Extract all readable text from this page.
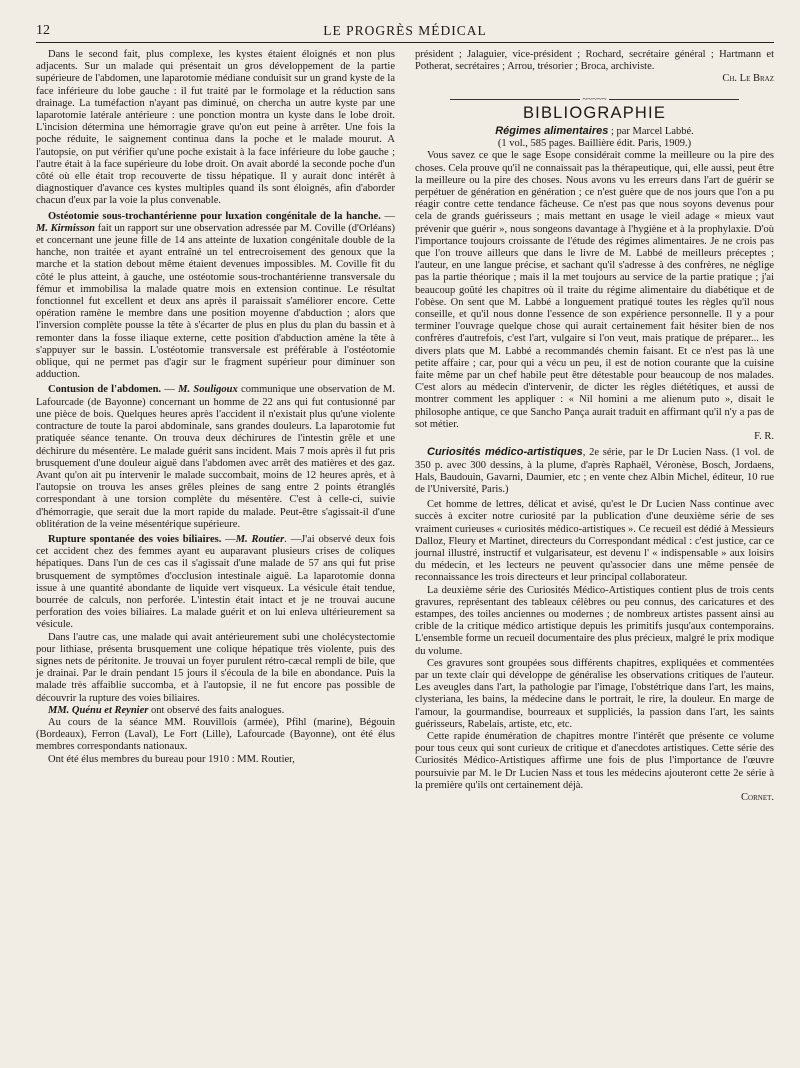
12	LE PROGRÈS MÉDICAL

Dans le second fait, plus complexe, les kystes étaient éloignés et non plus adjacents. Sur un malade qui présentait un gros développement de la partie supérieure de l'abdomen, une laparotomie médiane conduisit sur un grand kyste de la face inférieure du lobe gauche : il fut traité par le formolage et la réduction sans drainage. La tuméfaction n'ayant pas diminué, on chercha un autre kyste par une laparotomie latérale antérieure : une ponction montra un kyste dans le lobe droit. L'incision détermina une hémorragie grave qu'on eut peine à arrêter. Une fois la poche réduite, le saignement continua dans la poche et le malade mourut. A l'autopsie, on put vérifier qu'une poche existait à la face inférieure du lobe gauche ; l'autre était à la face supérieure du lobe droit. On avait abordé la seconde poche d'un côté où elle était trop recouverte de tissu hépatique. Il y aurait donc intérêt à diagnostiquer d'avance ces kystes multiples quand ils sont éloignés, afin d'aborder chacun d'eux par la voie la plus convenable.

Ostéotomie sous-trochantérienne pour luxation congénitale de la hanche. — M. Kirmisson fait un rapport sur une observation adressée par M. Coville (d'Orléans) et concernant une jeune fille de 14 ans atteinte de luxation congénitale double de la hanche, non traitée et ayant entraîné un tel entrecroisement des genoux que la marche et la station debout même étaient devenues impossibles. M. Coville fit du côté le plus atteint, à gauche, une ostéotomie sous-trochantérienne transversale du fémur et immobilisa la malade quatre mois en extension continue. Le résultat fonctionnel fut excellent et deux ans après il paraissait s'améliorer encore. Cette opération ramène le membre dans une position moyenne d'abduction ; alors que l'inversion complète pousse la tête à s'écarter de plus en plus du plan du bassin et à remonter dans la fosse iliaque externe, cette position d'abduction amène la tête à s'appuyer sur le bassin. L'ostéotomie transversale est préférable à l'ostéotomie oblique, qui ne permet pas d'agir sur le fragment supérieur pour diminuer son adduction.

Contusion de l'abdomen. — M. Souligoux communique une observation de M. Lafourcade (de Bayonne) concernant un homme de 22 ans qui fut contusionné par une pièce de bois. Quelques heures après l'accident il n'existait plus qu'une violente contracture de toute la paroi abdominale, sans grandes douleurs. La laparotomie fut pratiquée séance tenante. On trouva deux déchirures de l'intestin grêle et une déchirure du mésentère. Le malade guérit sans incident. Mais 7 mois après il fut pris brusquement d'une douleur aiguë dans l'abdomen avec arrêt des matières et des gaz. Avant qu'on ait pu intervenir le malade succombait, moins de 12 heures après, et à l'autopsie on trouva les anses grêles pleines de sang entre 2 points étranglés correspondant à une torsion complète du mésentère. C'est à celle-ci, suivie d'hémorragie, que serait due la mort rapide du malade. Peut-être s'agissait-il d'une oblitération de la veine mésentérique supérieure.

Rupture spontanée des voies biliaires. —M. Routier. —J'ai observé deux fois cet accident chez des femmes ayant eu auparavant plusieurs crises de coliques hépatiques. Dans l'un de ces cas il s'agissait d'une malade de 57 ans qui fut prise brusquement de symptômes d'occlusion intestinale aiguë. La laparotomie donna issue à une quantité abondante de liquide vert visqueux. La vésicule était tendue, bourrée de calculs, non perforée. L'intestin était intact et je ne trouvai aucune perforation des voies biliaires. La malade guérit et on lui enleva ultérieurement sa vésicule.

Dans l'autre cas, une malade qui avait antérieurement subi une cholécystectomie pour lithiase, présenta brusquement une colique hépatique très violente, puis des signes nets de péritonite. Je trouvai un foyer purulent rétro-cæcal rempli de bile, que je drainai. Par le drain pendant 15 jours il s'écoula de la bile en abondance. Puis la malade très affaiblie succomba, et à l'autopsie, il ne fut encore pas possible de découvrir la rupture des voies biliaires.

MM. Quénu et Reynier ont observé des faits analogues.

Au cours de la séance MM. Rouvillois (armée), Pfihl (marine), Bégouin (Bordeaux), Ferron (Laval), Le Fort (Lille), Lafourcade (Bayonne), ont été élus membres correspondants nationaux.

Ont été élus membres du bureau pour 1910 : MM. Routier,

président ; Jalaguier, vice-président ; Rochard, secrétaire général ; Hartmann et Potherat, secrétaires ; Arrou, trésorier ; Broca, archiviste.

Ch. Le Braz
~~~~~
BIBLIOGRAPHIE

Régimes alimentaires ; par Marcel Labbé.

(1 vol., 585 pages. Baillière édit. Paris, 1909.)

Vous savez ce que le sage Esope considérait comme la meilleure ou la pire des choses. Cela prouve qu'il ne connaissait pas la thérapeutique, qui, elle aussi, peut être la meilleure ou la pire des choses. Nous avons vu les erreurs dans l'art de guérir se perpétuer de génération en génération ; ce n'est guère que de nos jours que l'on a pu réagir contre cette tendance fâcheuse. Ce n'est pas que nous soyons devenus pour cela de grands guérisseurs ; mais mettant en usage le vieil adage « mieux vaut prévenir que guérir », nous songeons davantage à l'hygiène et à la prophylaxie. D'où l'importance toujours croissante de l'étude des régimes alimentaires. Je ne crois pas que l'on trouve ailleurs que dans le livre de M. Labbé de meilleurs préceptes ; l'auteur, en une langue précise, et sachant qu'il s'adresse à des confrères, ne néglige pas la partie théorique ; mais il la met toujours au service de la partie pratique ; j'ai beaucoup goûté les chapitres où il traite du régime alimentaire du diabétique et de l'obèse. On sent que M. Labbé a longuement pratiqué toutes les règles qu'il nous conseille, et qu'il nous donne l'essence de son expérience personnelle. Il y a pour terminer l'ouvrage quelque chose qui aurait certainement fait hésiter bien de nos confrères d'autrefois, c'est l'art, vulgaire si l'on veut, mais pratique de préparer... les divers plats que M. Labbé a recommandés chemin faisant. Et ce n'est pas là une petite affaire ; car, pour qui a vécu un peu, il est de notion courante que la cuisine faite même par un chef habile peut être détestable pour beaucoup de nos malades. C'est alors au médecin d'intervenir, de dicter les règles diététiques, et aussi de montrer comment les appliquer : « Nil homini a me alienum puto », disait le philosophe antique, ce que Sancho Pança aurait traduit en affirmant qu'il n'y a pas de sot métier.

F. R.

Curiosités médico-artistiques, 2e série, par le Dr Lucien Nass. (1 vol. de 350 p. avec 300 dessins, à la plume, d'après Raphaël, Véronèse, Bosch, Jordaens, Hals, Baudouin, Gavarni, Daumier, etc ; en vente chez Albin Michel, éditeur, 10 rue de l'Université, Paris.)

Cet homme de lettres, délicat et avisé, qu'est le Dr Lucien Nass continue avec succès à exciter notre curiosité par la publication d'une deuxième série de ses vraiment curieuses « curiosités médico-artistiques ». Ce recueil est dédié à Messieurs Dalloz, Fleury et Martinet, directeurs du Correspondant médical : c'est justice, car ce journal illustré, instructif et vulgarisateur, est devenu l' « indispensable » aux loisirs du médecin, et les lecteurs ne peuvent qu'associer dans une même pensée de reconnaissance les trois directeurs et leur principal collaborateur.

La deuxième série des Curiosités Médico-Artistiques contient plus de trois cents gravures, représentant des tableaux célèbres ou peu connus, des caricatures et des estampes, des toiles anciennes ou modernes ; de nombreux artistes passent ainsi au crible de la critique médico artistique depuis les primitifs jusqu'aux contemporains. L'ensemble forme un recueil documentaire des plus précieux, malgré le prix modique du volume.

Ces gravures sont groupées sous différents chapitres, expliquées et commentées par un texte clair qui développe de généralise les observations critiques de l'auteur. Les aveugles dans l'art, la pathologie par l'image, l'obstétrique dans l'art, les mains, clysteriana, les bains, la médecine dans le portrait, le rire, la douleur. En marge de l'amour, la gourmandise, bourreaux et suppliciés, la passion dans l'art, les saints guérisseurs, Rabelais, artiste, etc, etc.

Cette rapide énumération de chapitres montre l'intérêt que présente ce volume pour tous ceux qui sont curieux de critique et d'anecdotes artistiques. Cette série des Curiosités Médico-Artistiques affirme une fois de plus l'importance de l'œuvre poursuivie par M. le Dr Lucien Nass et tous les médecins ajouteront cette 2e série à la première qu'ils ont certainement déjà.

Cornet.
